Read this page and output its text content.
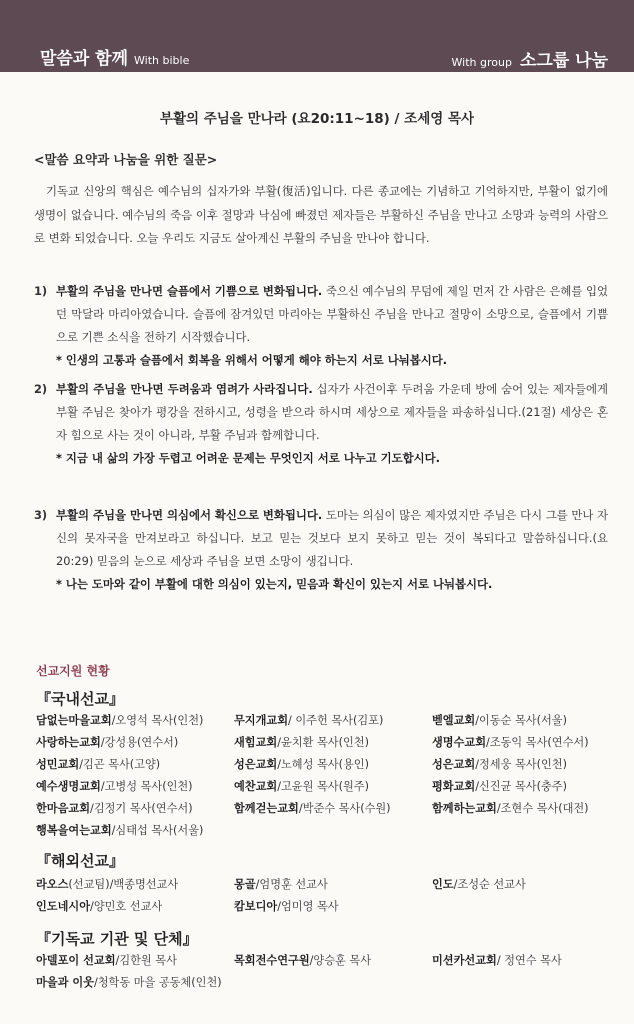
말씀과 함께 With bible	With group 소그룹 나눔
부활의 주님을 만나라 (요20:11~18) / 조세영 목사
<말씀 요약과 나눔을 위한 질문>
기독교 신앙의 핵심은 예수님의 십자가와 부활(復活)입니다. 다른 종교에는 기념하고 기억하지만, 부활이 없기에 생명이 없습니다. 예수님의 죽음 이후 절망과 낙심에 빠졌던 제자들은 부활하신 주님을 만나고 소망과 능력의 사람으로 변화 되었습니다. 오늘 우리도 지금도 살아계신 부활의 주님을 만나야 합니다.
1) 부활의 주님을 만나면 슬픔에서 기쁨으로 변화됩니다. 죽으신 예수님의 무덤에 제일 먼저 간 사람은 은혜를 입었던 막달라 마리아였습니다. 슬픔에 잠겨있던 마리아는 부활하신 주님을 만나고 절망이 소망으로, 슬픔에서 기쁨으로 기쁜 소식을 전하기 시작했습니다.
* 인생의 고통과 슬픔에서 회복을 위해서 어떻게 해야 하는지 서로 나눠봅시다.
2) 부활의 주님을 만나면 두려움과 염려가 사라집니다. 십자가 사건이후 두려움 가운데 방에 숨어 있는 제자들에게 부활 주님은 찾아가 평강을 전하시고, 성령을 받으라 하시며 세상으로 제자들을 파송하십니다.(21절) 세상은 혼자 힘으로 사는 것이 아니라, 부활 주님과 함께합니다.
* 지금 내 삶의 가장 두렵고 어려운 문제는 무엇인지 서로 나누고 기도합시다.
3) 부활의 주님을 만나면 의심에서 확신으로 변화됩니다. 도마는 의심이 많은 제자였지만 주님은 다시 그를 만나 자신의 못자국을 만져보라고 하십니다. 보고 믿는 것보다 보지 못하고 믿는 것이 복되다고 말씀하십니다.(요20:29) 믿음의 눈으로 세상과 주님을 보면 소망이 생깁니다.
* 나는 도마와 같이 부활에 대한 의심이 있는지, 믿음과 확신이 있는지 서로 나눠봅시다.
선교지원 현황
『국내선교』
담없는마을교회/오영석 목사(인천)	무지개교회/ 이주헌 목사(김포)	벧엘교회/이동순 목사(서울)
사랑하는교회/강성용(연수서)	새힘교회/윤치환 목사(인천)	생명수교회/조동익 목사(연수서)
성민교회/김곤 목사(고양)	성은교회/노혜성 목사(용인)	성은교회/정세웅 목사(인천)
예수생명교회/고병성 목사(인천)	예찬교회/고윤원 목사(원주)	평화교회/신진균 목사(충주)
한마음교회/김정기 목사(연수서)	함께걷는교회/박준수 목사(수원)	함께하는교회/조현수 목사(대전)
행복을여는교회/심태섭 목사(서울)
『해외선교』
라오스(선교팀)/백종명선교사	몽골/엄명훈 선교사	인도/조성순 선교사
인도네시아/양민호 선교사	캄보디아/엄미영 목사
『기독교 기관 및 단체』
아델포이 선교회/김한원 목사	목회전수연구원/양승훈 목사	미션카선교회/ 정연수 목사
마을과 이웃/청학동 마을 공동체(인천)
